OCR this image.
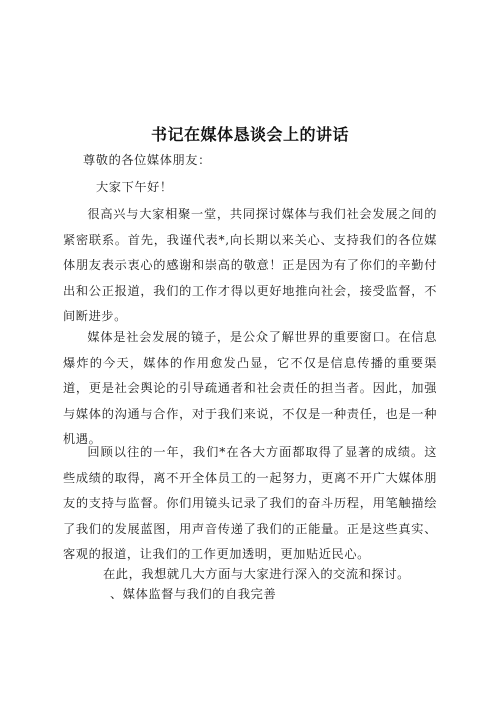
书记在媒体恳谈会上的讲话
尊敬的各位媒体朋友：
大家下午好！
很高兴与大家相聚一堂，共同探讨媒体与我们社会发展之间的紧密联系。首先，我谨代表*,向长期以来关心、支持我们的各位媒体朋友表示衷心的感谢和崇高的敬意！正是因为有了你们的辛勤付出和公正报道，我们的工作才得以更好地推向社会，接受监督，不间断进步。
媒体是社会发展的镜子，是公众了解世界的重要窗口。在信息爆炸的今天，媒体的作用愈发凸显，它不仅是信息传播的重要渠道，更是社会舆论的引导疏通者和社会责任的担当者。因此，加强与媒体的沟通与合作，对于我们来说，不仅是一种责任，也是一种机遇。
回顾以往的一年，我们*在各大方面都取得了显著的成绩。这些成绩的取得，离不开全体员工的一起努力，更离不开广大媒体朋友的支持与监督。你们用镜头记录了我们的奋斗历程，用笔触描绘了我们的发展蓝图，用声音传递了我们的正能量。正是这些真实、客观的报道，让我们的工作更加透明，更加贴近民心。
在此，我想就几大方面与大家进行深入的交流和探讨。
、媒体监督与我们的自我完善
